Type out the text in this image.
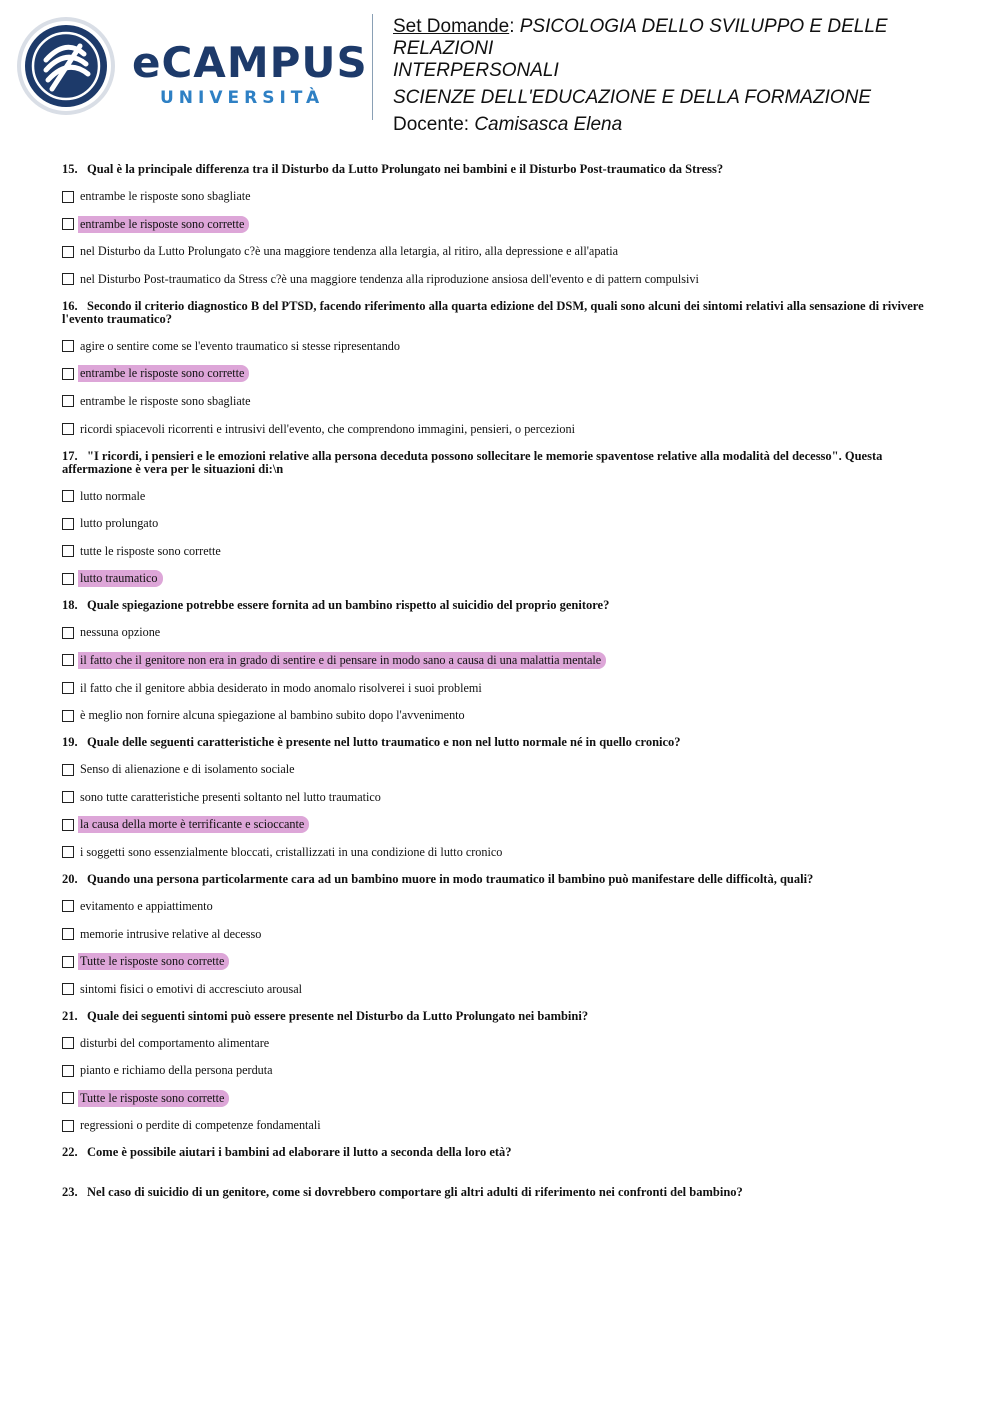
eCAMPUS
UNIVERSITÀ
Set Domande: PSICOLOGIA DELLO SVILUPPO E DELLE RELAZIONI
INTERPERSONALI
SCIENZE DELL'EDUCAZIONE E DELLA FORMAZIONE
Docente: Camisasca Elena

15. Qual è la principale differenza tra il Disturbo da Lutto Prolungato nei bambini e il Disturbo Post-traumatico da Stress?

entrambe le risposte sono sbagliate
entrambe le risposte sono corrette
nel Disturbo da Lutto Prolungato c?è una maggiore tendenza alla letargia, al ritiro, alla depressione e all'apatia
nel Disturbo Post-traumatico da Stress c?è una maggiore tendenza alla riproduzione ansiosa dell'evento e di pattern compulsivi

16. Secondo il criterio diagnostico B del PTSD, facendo riferimento alla quarta edizione del DSM, quali sono alcuni dei sintomi relativi alla sensazione di rivivere l'evento traumatico?

agire o sentire come se l'evento traumatico si stesse ripresentando
entrambe le risposte sono corrette
entrambe le risposte sono sbagliate
ricordi spiacevoli ricorrenti e intrusivi dell'evento, che comprendono immagini, pensieri, o percezioni

17. "I ricordi, i pensieri e le emozioni relative alla persona deceduta possono sollecitare le memorie spaventose relative alla modalità del decesso". Questa affermazione è vera per le situazioni di:\n

lutto normale
lutto prolungato
tutte le risposte sono corrette
lutto traumatico

18. Quale spiegazione potrebbe essere fornita ad un bambino rispetto al suicidio del proprio genitore?

nessuna opzione
il fatto che il genitore non era in grado di sentire e di pensare in modo sano a causa di una malattia mentale
il fatto che il genitore abbia desiderato in modo anomalo risolverei i suoi problemi
è meglio non fornire alcuna spiegazione al bambino subito dopo l'avvenimento

19. Quale delle seguenti caratteristiche è presente nel lutto traumatico e non nel lutto normale né in quello cronico?

Senso di alienazione e di isolamento sociale
sono tutte caratteristiche presenti soltanto nel lutto traumatico
la causa della morte è terrificante e scioccante
i soggetti sono essenzialmente bloccati, cristallizzati in una condizione di lutto cronico

20. Quando una persona particolarmente cara ad un bambino muore in modo traumatico il bambino può manifestare delle difficoltà, quali?

evitamento e appiattimento
memorie intrusive relative al decesso
Tutte le risposte sono corrette
sintomi fisici o emotivi di accresciuto arousal

21. Quale dei seguenti sintomi può essere presente nel Disturbo da Lutto Prolungato nei bambini?

disturbi del comportamento alimentare
pianto e richiamo della persona perduta
Tutte le risposte sono corrette
regressioni o perdite di competenze fondamentali

22. Come è possibile aiutari i bambini ad elaborare il lutto a seconda della loro età?

23. Nel caso di suicidio di un genitore, come si dovrebbero comportare gli altri adulti di riferimento nei confronti del bambino?
